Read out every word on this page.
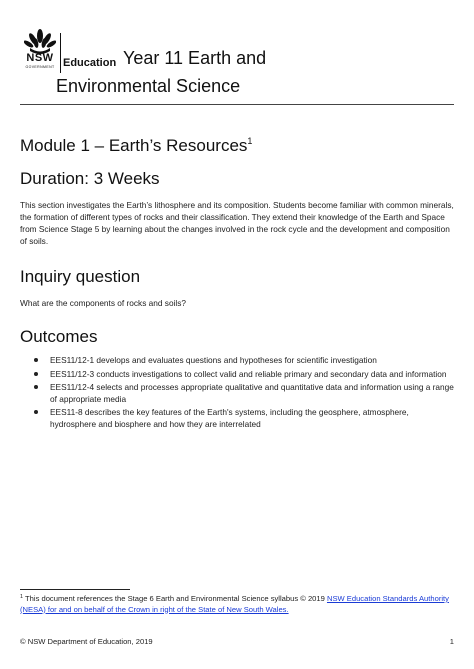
NSW
GOVERNMENT Education Year 11 Earth and
Environmental Science
Module 1 – Earth’s Resources$^1$
Duration: 3 Weeks
This section investigates the Earth’s lithosphere and its composition. Students become familiar with common minerals, the formation of different types of rocks and their classification. They extend their knowledge of the Earth and Space from Science Stage 5 by learning about the changes involved in the rock cycle and the development and composition of soils.
Inquiry question
What are the components of rocks and soils?
Outcomes
EES11/12-1 develops and evaluates questions and hypotheses for scientific investigation
EES11/12-3 conducts investigations to collect valid and reliable primary and secondary data and information
EES11/12-4 selects and processes appropriate qualitative and quantitative data and information using a range of appropriate media
EES11-8 describes the key features of the Earth's systems, including the geosphere, atmosphere, hydrosphere and biosphere and how they are interrelated
$^1$ This document references the Stage 6 Earth and Environmental Science syllabus © 2019 NSW Education Standards Authority (NESA) for and on behalf of the Crown in right of the State of New South Wales.
© NSW Department of Education, 2019	1
